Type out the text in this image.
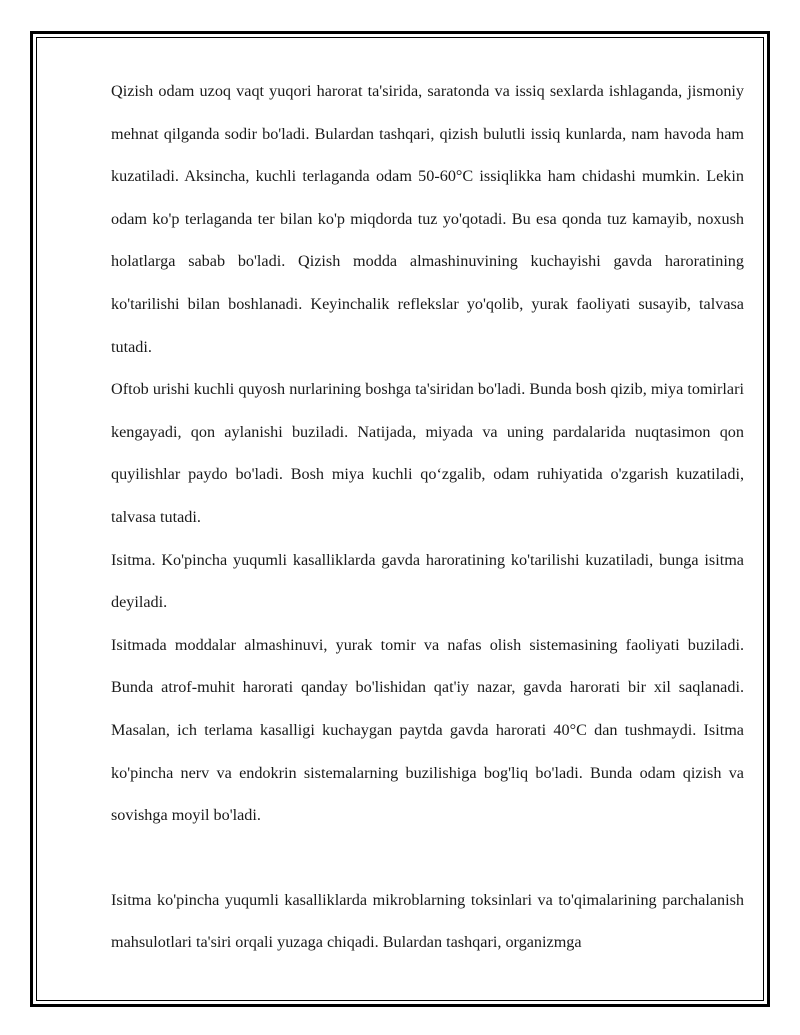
Qizish odam uzoq vaqt yuqori harorat ta'sirida, saratonda va issiq sexlarda ishlaganda, jismoniy mehnat qilganda sodir bo'ladi. Bulardan tashqari, qizish bulutli issiq kunlarda, nam havoda ham kuzatiladi. Aksincha, kuchli terlaganda odam 50-60°C issiqlikka ham chidashi mumkin. Lekin odam ko'p terlaganda ter bilan ko'p miqdorda tuz yo'qotadi. Bu esa qonda tuz kamayib, noxush holatlarga sabab bo'ladi. Qizish modda almashinuvining kuchayishi gavda haroratining ko'tarilishi bilan boshlanadi. Keyinchalik reflekslar yo'qolib, yurak faoliyati susayib, talvasa tutadi.

Oftob urishi kuchli quyosh nurlarining boshga ta'siridan bo'ladi. Bunda bosh qizib, miya tomirlari kengayadi, qon aylanishi buziladi. Natijada, miyada va uning pardalarida nuqtasimon qon quyilishlar paydo bo'ladi. Bosh miya kuchli qo‘zgalib, odam ruhiyatida o'zgarish kuzatiladi, talvasa tutadi.

Isitma. Ko'pincha yuqumli kasalliklarda gavda haroratining ko'tarilishi kuzatiladi, bunga isitma deyiladi.

Isitmada moddalar almashinuvi, yurak tomir va nafas olish sistemasining faoliyati buziladi. Bunda atrof-muhit harorati qanday bo'lishidan qat'iy nazar, gavda harorati bir xil saqlanadi. Masalan, ich terlama kasalligi kuchaygan paytda gavda harorati 40°C dan tushmaydi. Isitma ko'pincha nerv va endokrin sistemalarning buzilishiga bog'liq bo'ladi. Bunda odam qizish va sovishga moyil bo'ladi.

Isitma ko'pincha yuqumli kasalliklarda mikroblarning toksinlari va to'qimalarining parchalanish mahsulotlari ta'siri orqali yuzaga chiqadi. Bulardan tashqari, organizmga
